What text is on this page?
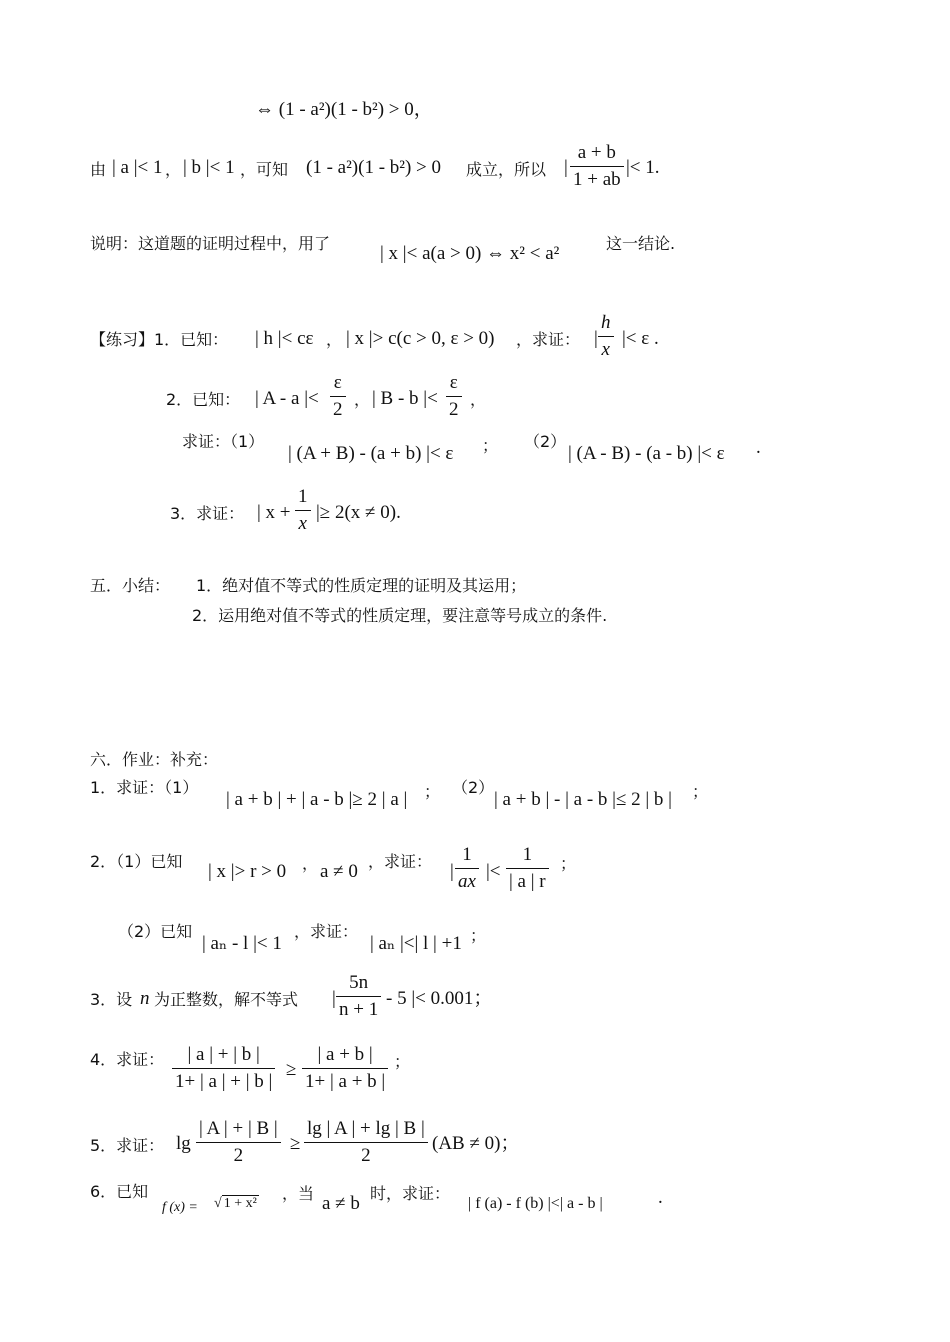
⇔ (1 - a²)(1 - b²) > 0，
由 | a |< 1 ， | b |< 1 ，可知 (1 - a²)(1 - b²) > 0 成立，所以 |
a + b
1 + ab
|< 1.
说明：这道题的证明过程中，用了	| x |< a(a > 0) ⇔ x² < a²	这一结论.
【练习】1．已知： | h |< cε ， | x |> c(c > 0, ε > 0) ，求证： |
h
x
|< ε .
2．已知： | A - a |<
ε
2 ， | B - b |<
ε
2 ，
求证：（1）
| (A + B) - (a + b) |< ε ； （2）
| (A - B) - (a - b) |< ε .
3．求证： | x +
1
x
|≥ 2(x ≠ 0).
五．小结： 1．绝对值不等式的性质定理的证明及其运用；
2．运用绝对值不等式的性质定理，要注意等号成立的条件.
六．作业：补充：
1．求证：（1）
| a + b | + | a - b |≥ 2 | a | ； （2）
| a + b | - | a - b |≤ 2 | b | ；
2．（1）已知 | x |> r > 0 ， a ≠ 0 ，求证： |
1
ax |<
1
| a | r
；
（2）已知
| aₙ - l |< 1
，求证：
| aₙ |<| l | +1 ；
3．设 n 为正整数，解不等式 |
5n
n + 1
- 5 |< 0.001；
4．求证： | a | + | b |
1+ | a | + | b |
≥
| a + b |
1+ | a + b |
；
5．求证： lg
| A | + | B |
2
≥
lg | A | + lg | B |
2
(AB ≠ 0)；
6．已知
f (x) = √ 1 + x²
，当 a ≠ b 时，求证：
| f (a) - f (b) |<| a - b |	.
